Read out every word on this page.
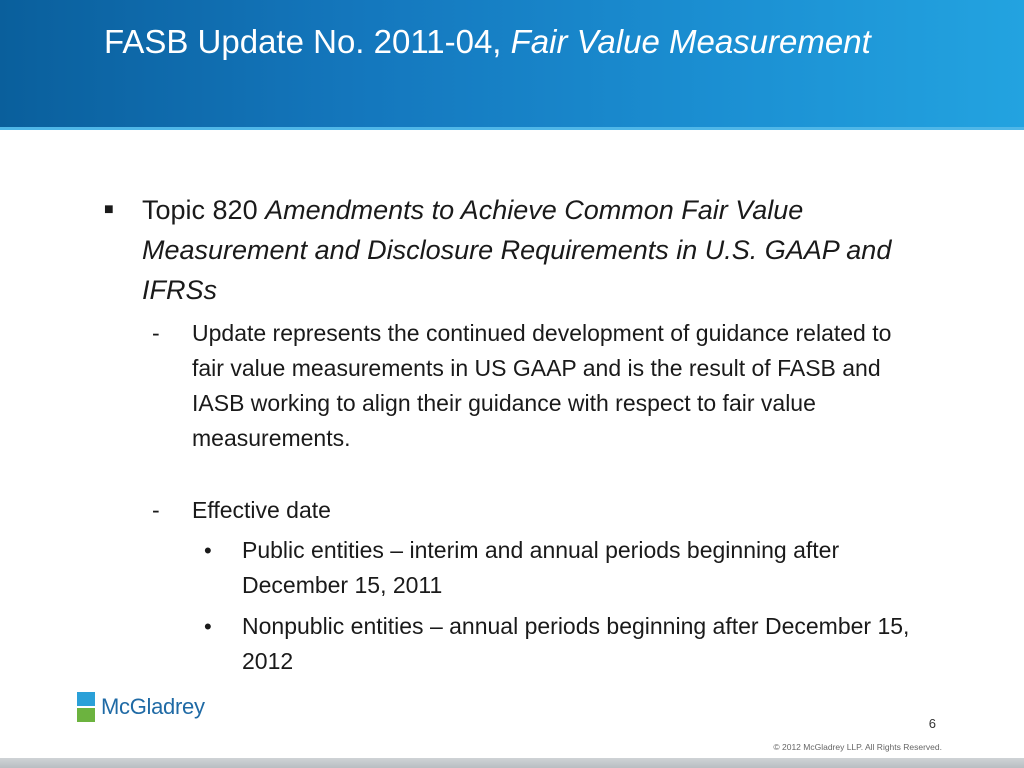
FASB Update No. 2011-04, Fair Value Measurement
■ Topic 820 Amendments to Achieve Common Fair Value Measurement and Disclosure Requirements in U.S. GAAP and IFRSs
- Update represents the continued development of guidance related to fair value measurements in US GAAP and is the result of FASB and IASB working to align their guidance with respect to fair value measurements.
- Effective date
• Public entities – interim and annual periods beginning after December 15, 2011
• Nonpublic entities – annual periods beginning after December 15, 2012
McGladrey
6
© 2012 McGladrey LLP. All Rights Reserved.
